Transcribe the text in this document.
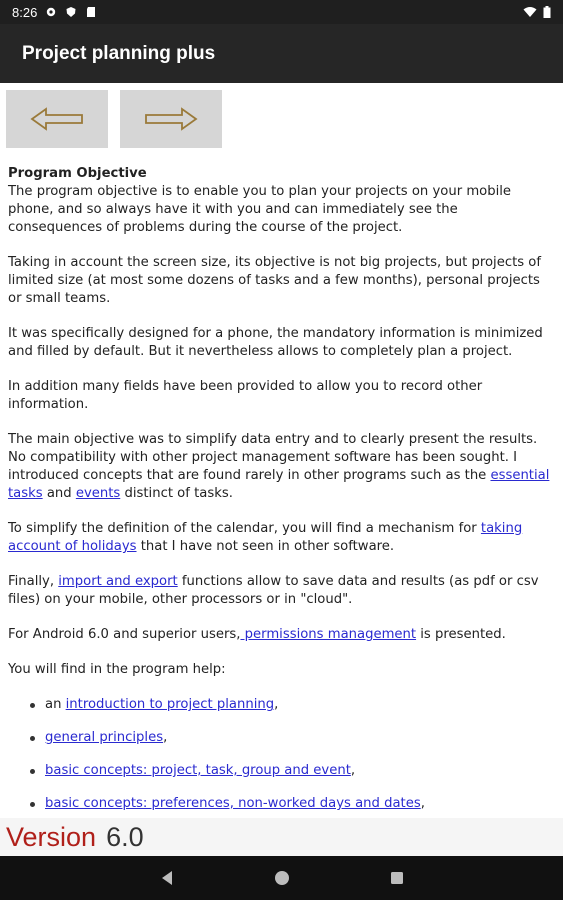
8:26
Project planning plus
Program Objective

The program objective is to enable you to plan your projects on your mobile phone, and so always have it with you and can immediately see the consequences of problems during the course of the project.

Taking in account the screen size, its objective is not big projects, but projects of limited size (at most some dozens of tasks and a few months), personal projects or small teams.

It was specifically designed for a phone, the mandatory information is minimized and filled by default. But it nevertheless allows to completely plan a project.

In addition many fields have been provided to allow you to record other information.

The main objective was to simplify data entry and to clearly present the results. No compatibility with other project management software has been sought. I introduced concepts that are found rarely in other programs such as the essential tasks and events distinct of tasks.

To simplify the definition of the calendar, you will find a mechanism for taking account of holidays that I have not seen in other software.

Finally, import and export functions allow to save data and results (as pdf or csv files) on your mobile, other processors or in "cloud".

For Android 6.0 and superior users, permissions management is presented.

You will find in the program help:

an introduction to project planning,
general principles,
basic concepts: project, task, group and event,
basic concepts: preferences, non-worked days and dates,
Version 6.0
